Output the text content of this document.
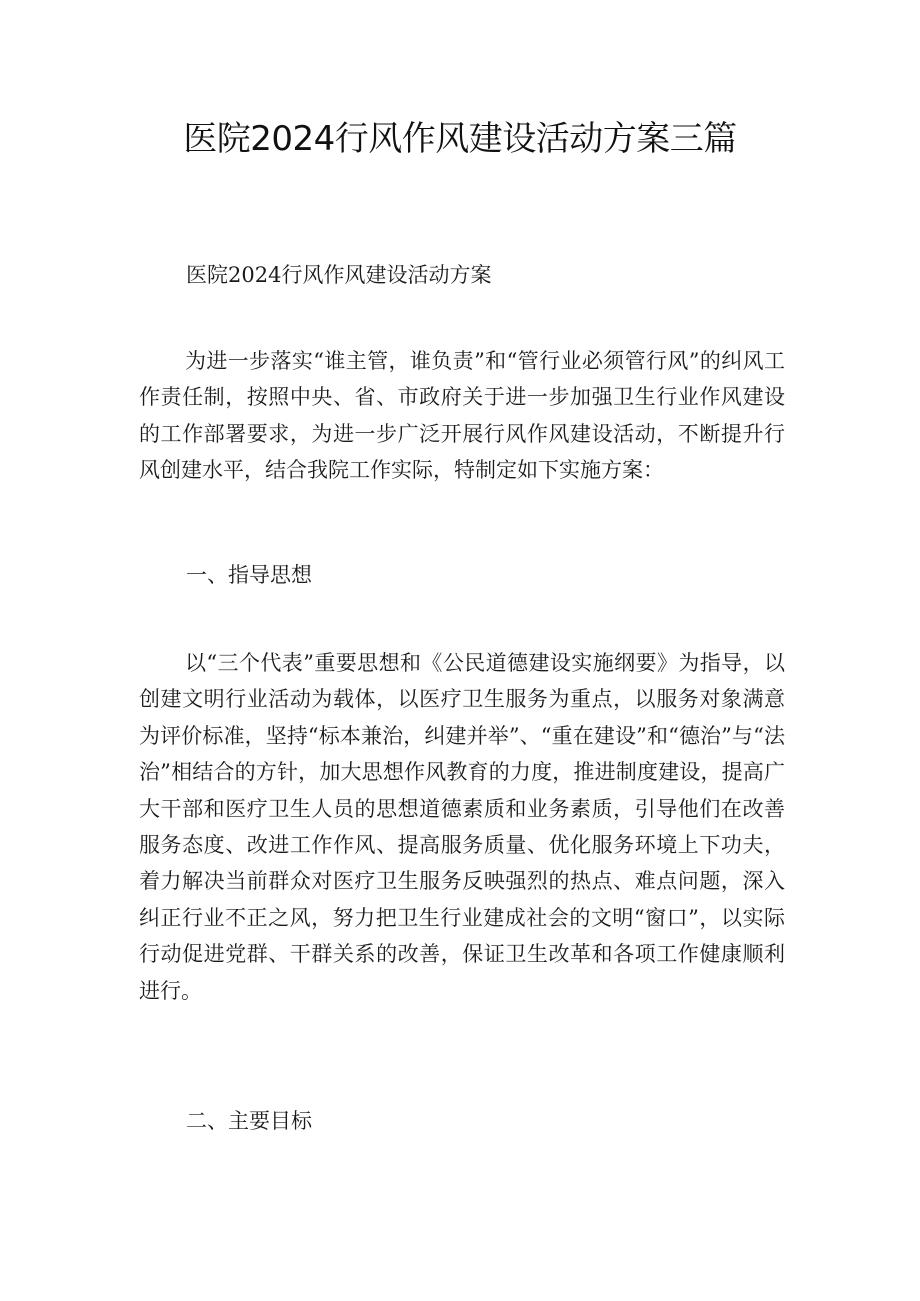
医院2024行风作风建设活动方案三篇

医院2024行风作风建设活动方案

为进一步落实“谁主管，谁负责”和“管行业必须管行风”的纠风工作责任制，按照中央、省、市政府关于进一步加强卫生行业作风建设的工作部署要求，为进一步广泛开展行风作风建设活动，不断提升行风创建水平，结合我院工作实际，特制定如下实施方案：

一、指导思想

以“三个代表”重要思想和《公民道德建设实施纲要》为指导，以创建文明行业活动为载体，以医疗卫生服务为重点，以服务对象满意为评价标准，坚持“标本兼治，纠建并举”、“重在建设”和“德治”与“法治”相结合的方针，加大思想作风教育的力度，推进制度建设，提高广大干部和医疗卫生人员的思想道德素质和业务素质，引导他们在改善服务态度、改进工作作风、提高服务质量、优化服务环境上下功夫，着力解决当前群众对医疗卫生服务反映强烈的热点、难点问题，深入纠正行业不正之风，努力把卫生行业建成社会的文明“窗口”，以实际行动促进党群、干群关系的改善，保证卫生改革和各项工作健康顺利进行。

二、主要目标
